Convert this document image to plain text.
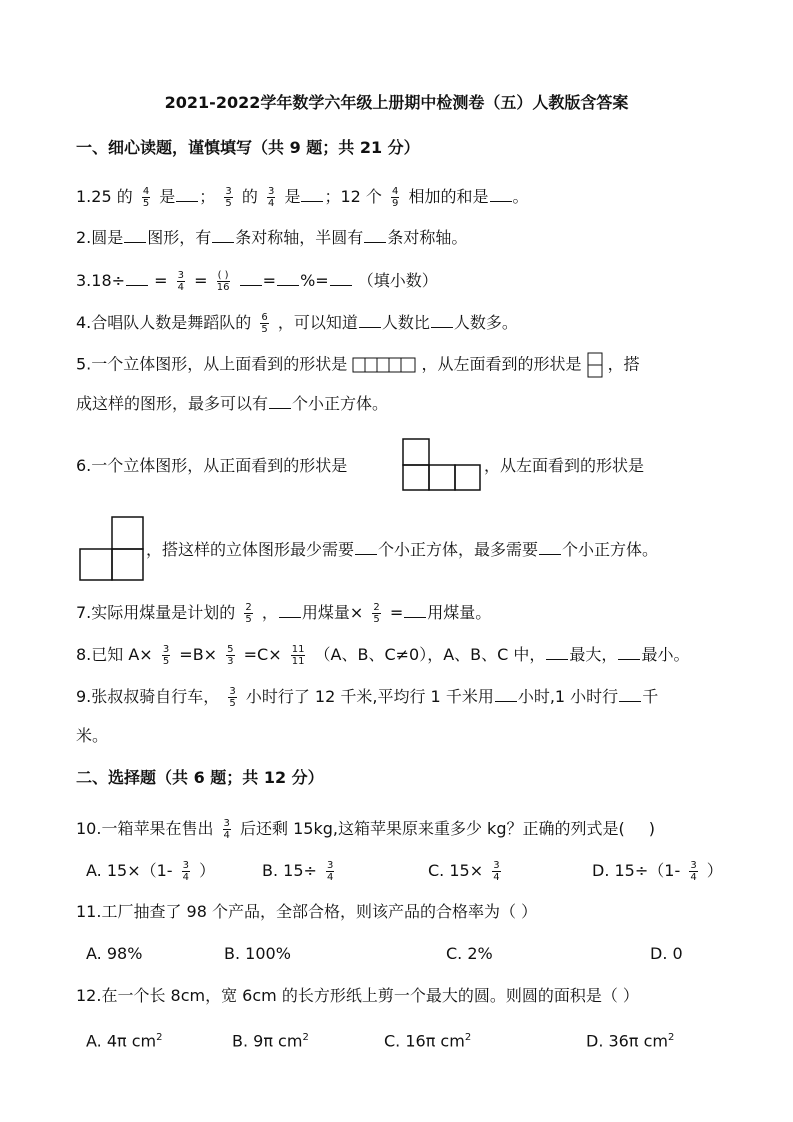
2021-2022学年数学六年级上册期中检测卷（五）人教版含答案
一、细心读题，谨慎填写（共 9 题；共 21 分）
1.25 的 $\frac{4}{5}$ 是 ； $\frac{3}{5}$ 的 $\frac{3}{4}$ 是 ；12 个 $\frac{4}{9}$ 相加的和是 。
2.圆是 图形，有 条对称轴，半圆有 条对称轴。
$3.18\div = \frac{3}{4} = \frac{( )}{16}$ = %= （填小数）
4.合唱队人数是舞蹈队的 $\frac{6}{5}$ ，可以知道 人数比 人数多。
5.一个立体图形，从上面看到的形状是	，从左面看到的形状是 ，搭
成这样的图形，最多可以有 个小正方体。
6.一个立体图形，从正面看到的形状是	，从左面看到的形状是
，搭这样的立体图形最少需要 个小正方体，最多需要 个小正方体。
7.实际用煤量是计划的 $\frac{2}{5}$ ， 用煤量× $\frac{2}{5}$ = 用煤量。
8.已知 $A\times \frac{3}{5} =B\times \frac{5}{3} =C\times \frac{11}{11} (A$、B、C≠0），A、B、C 中， 最大， 最小。
9.张叔叔骑自行车， $\frac{3}{5}$ 小时行了 12 千米,平均行 1 千米用 小时,1 小时行 千
米。
二、选择题（共 6 题；共 12 分）
10.一箱苹果在售出 $\frac{3}{4}$ 后还剩 15kg,这箱苹果原来重多少 kg？正确的列式是( )
A. $15\times(1- \frac{3}{4}$ ）	B. $15\div \frac{3}{4}$	C. $15\times \frac{3}{4}$	D. $15\div(1- \frac{3}{4}$ ）
11.工厂抽查了 98 个产品，全部合格，则该产品的合格率为（ ）
A. 98%	B. 100%	C. 2%	D. 0
12.在一个长 8cm，宽 6cm 的长方形纸上剪一个最大的圆。则圆的面积是（ ）
A. 4π $cm^2$	B. 9π $cm^2$	C. 16π $cm^2$	D. 36π $cm^2$
